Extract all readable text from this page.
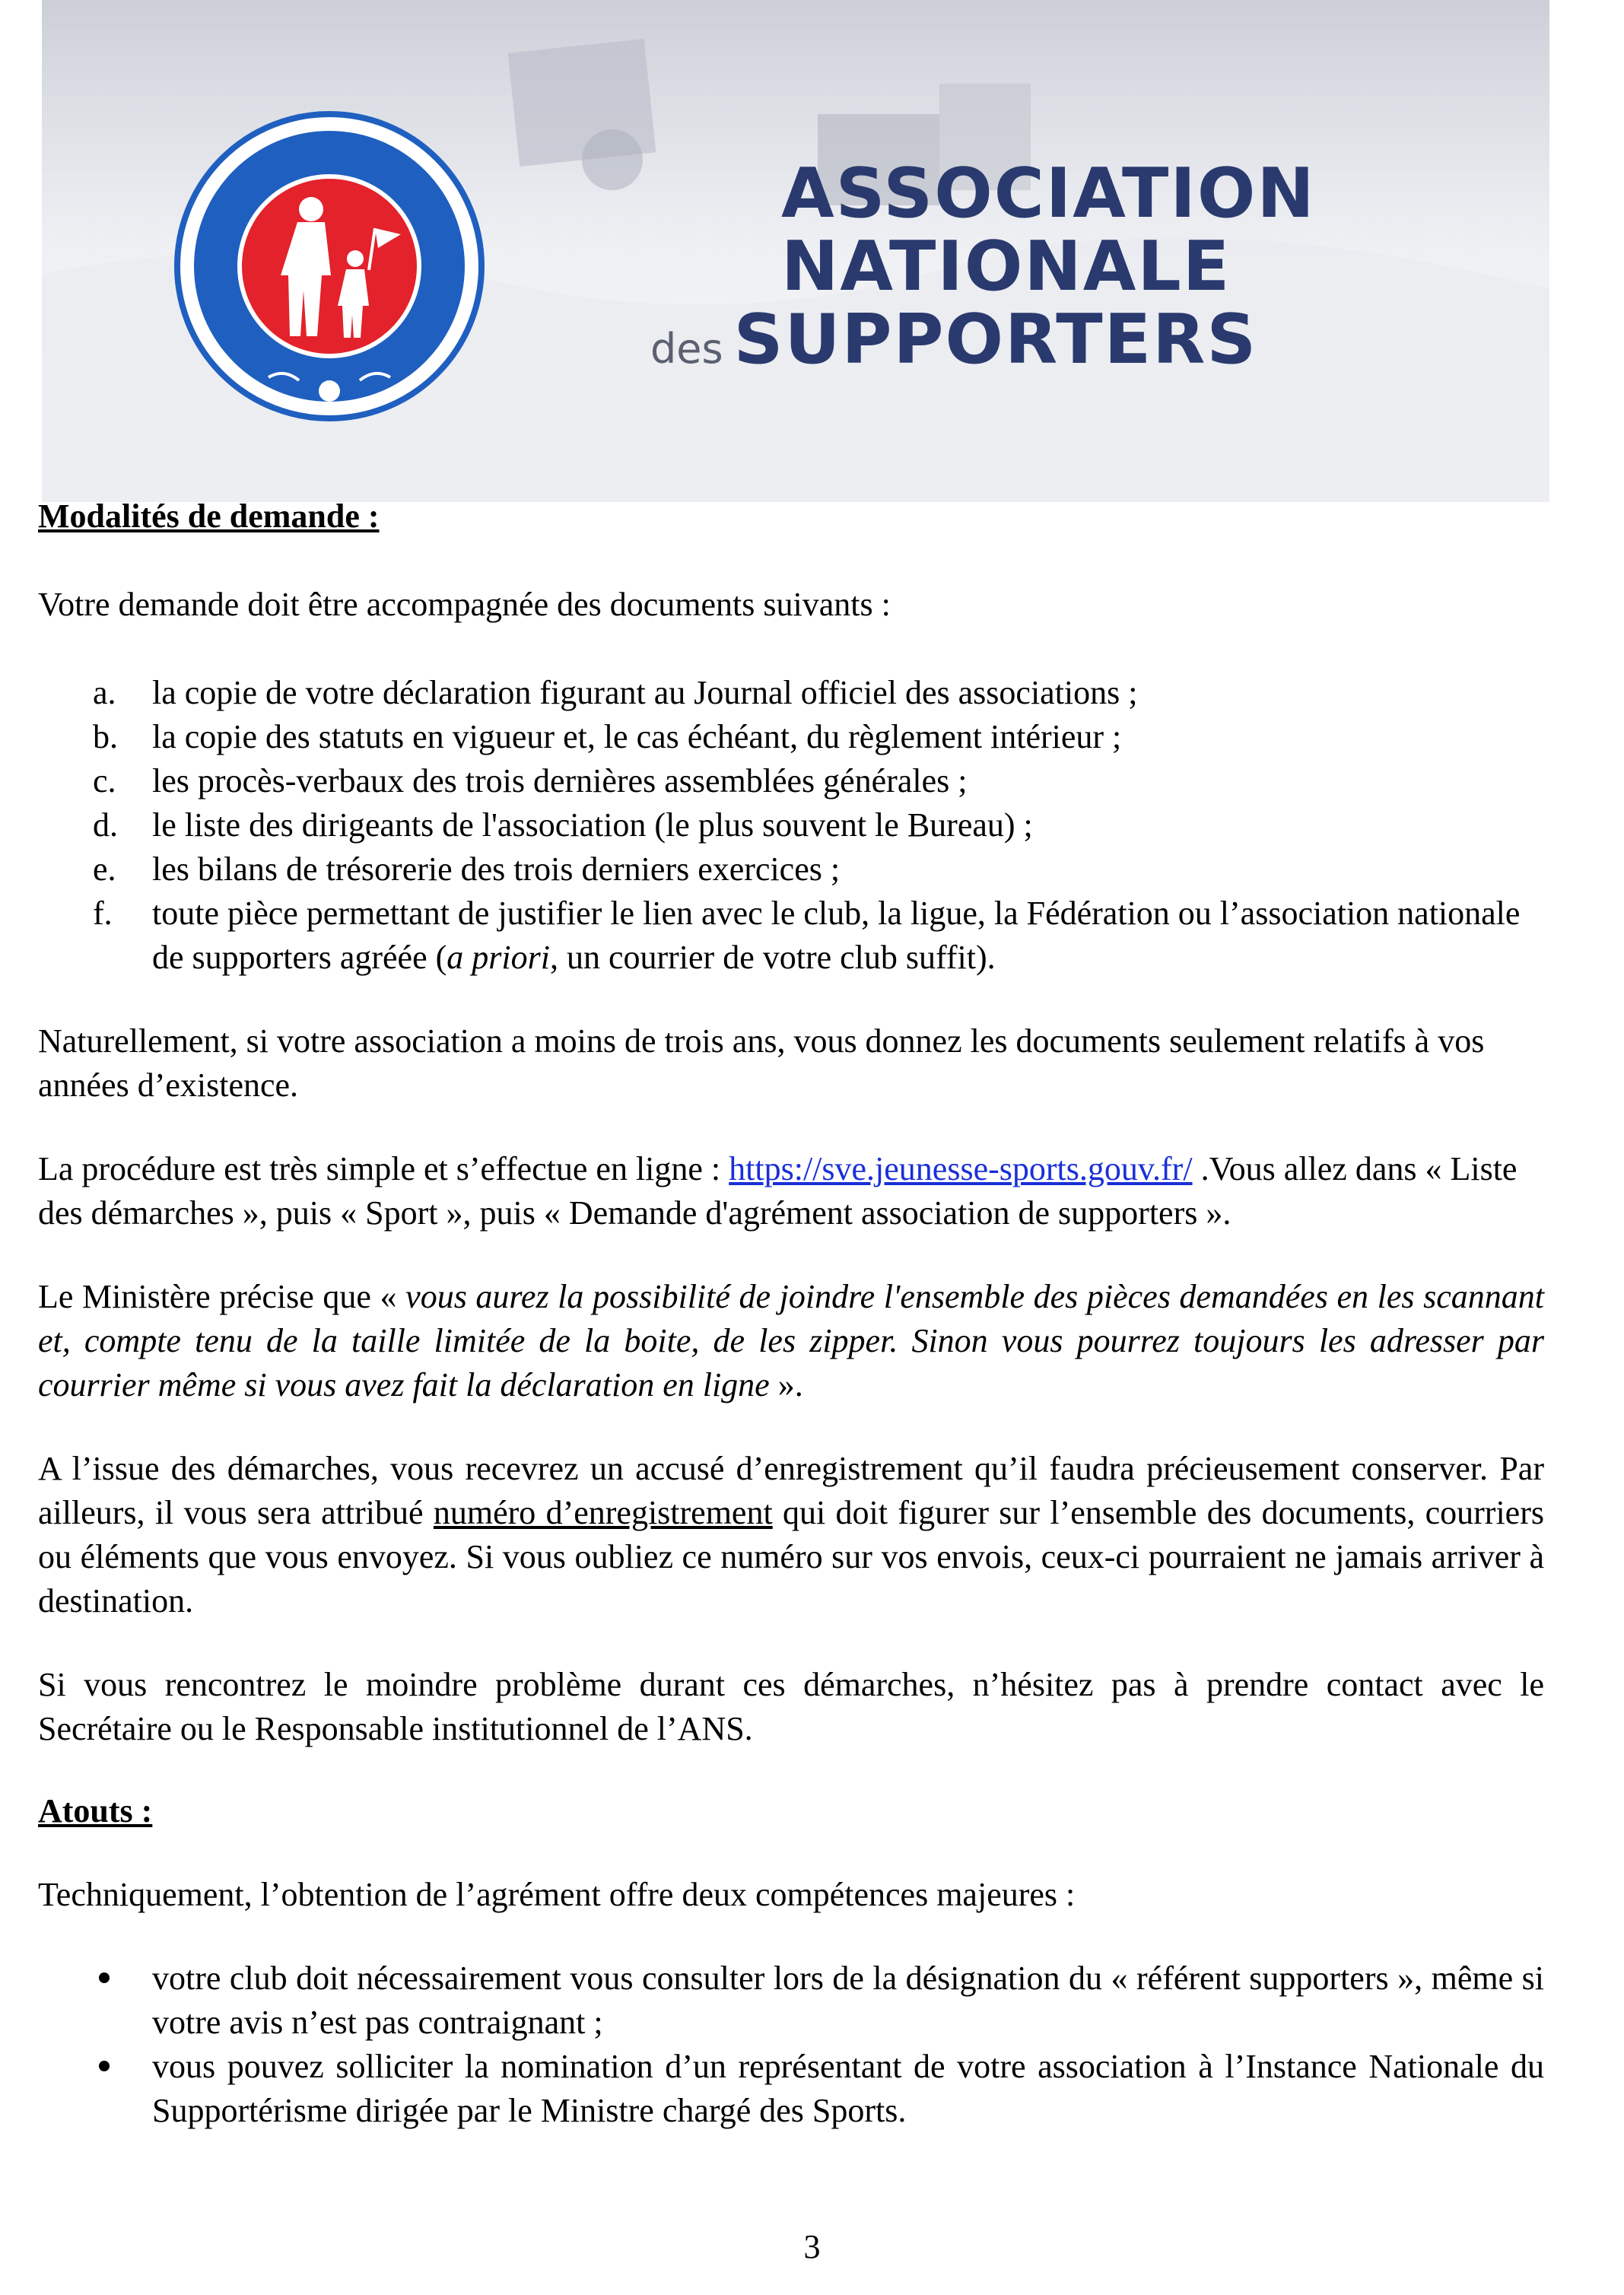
ASSOCIATION
NATIONALE
des SUPPORTERS

Modalités de demande :

Votre demande doit être accompagnée des documents suivants :

a. la copie de votre déclaration figurant au Journal officiel des associations ;
b. la copie des statuts en vigueur et, le cas échéant, du règlement intérieur ;
c. les procès-verbaux des trois dernières assemblées générales ;
d. le liste des dirigeants de l'association (le plus souvent le Bureau) ;
e. les bilans de trésorerie des trois derniers exercices ;
f. toute pièce permettant de justifier le lien avec le club, la ligue, la Fédération ou l’association nationale de supporters agréée (a priori, un courrier de votre club suffit).

Naturellement, si votre association a moins de trois ans, vous donnez les documents seulement relatifs à vos années d’existence.

La procédure est très simple et s’effectue en ligne : https://sve.jeunesse-sports.gouv.fr/ .Vous allez dans « Liste des démarches », puis « Sport », puis « Demande d'agrément association de supporters ».

Le Ministère précise que « vous aurez la possibilité de joindre l'ensemble des pièces demandées en les scannant et, compte tenu de la taille limitée de la boite, de les zipper. Sinon vous pourrez toujours les adresser par courrier même si vous avez fait la déclaration en ligne ».

A l’issue des démarches, vous recevrez un accusé d’enregistrement qu’il faudra précieusement conserver. Par ailleurs, il vous sera attribué numéro d’enregistrement qui doit figurer sur l’ensemble des documents, courriers ou éléments que vous envoyez. Si vous oubliez ce numéro sur vos envois, ceux-ci pourraient ne jamais arriver à destination.

Si vous rencontrez le moindre problème durant ces démarches, n’hésitez pas à prendre contact avec le Secrétaire ou le Responsable institutionnel de l’ANS.

Atouts :

Techniquement, l’obtention de l’agrément offre deux compétences majeures :

votre club doit nécessairement vous consulter lors de la désignation du « référent supporters », même si votre avis n’est pas contraignant ;
vous pouvez solliciter la nomination d’un représentant de votre association à l’Instance Nationale du Supportérisme dirigée par le Ministre chargé des Sports.
3
